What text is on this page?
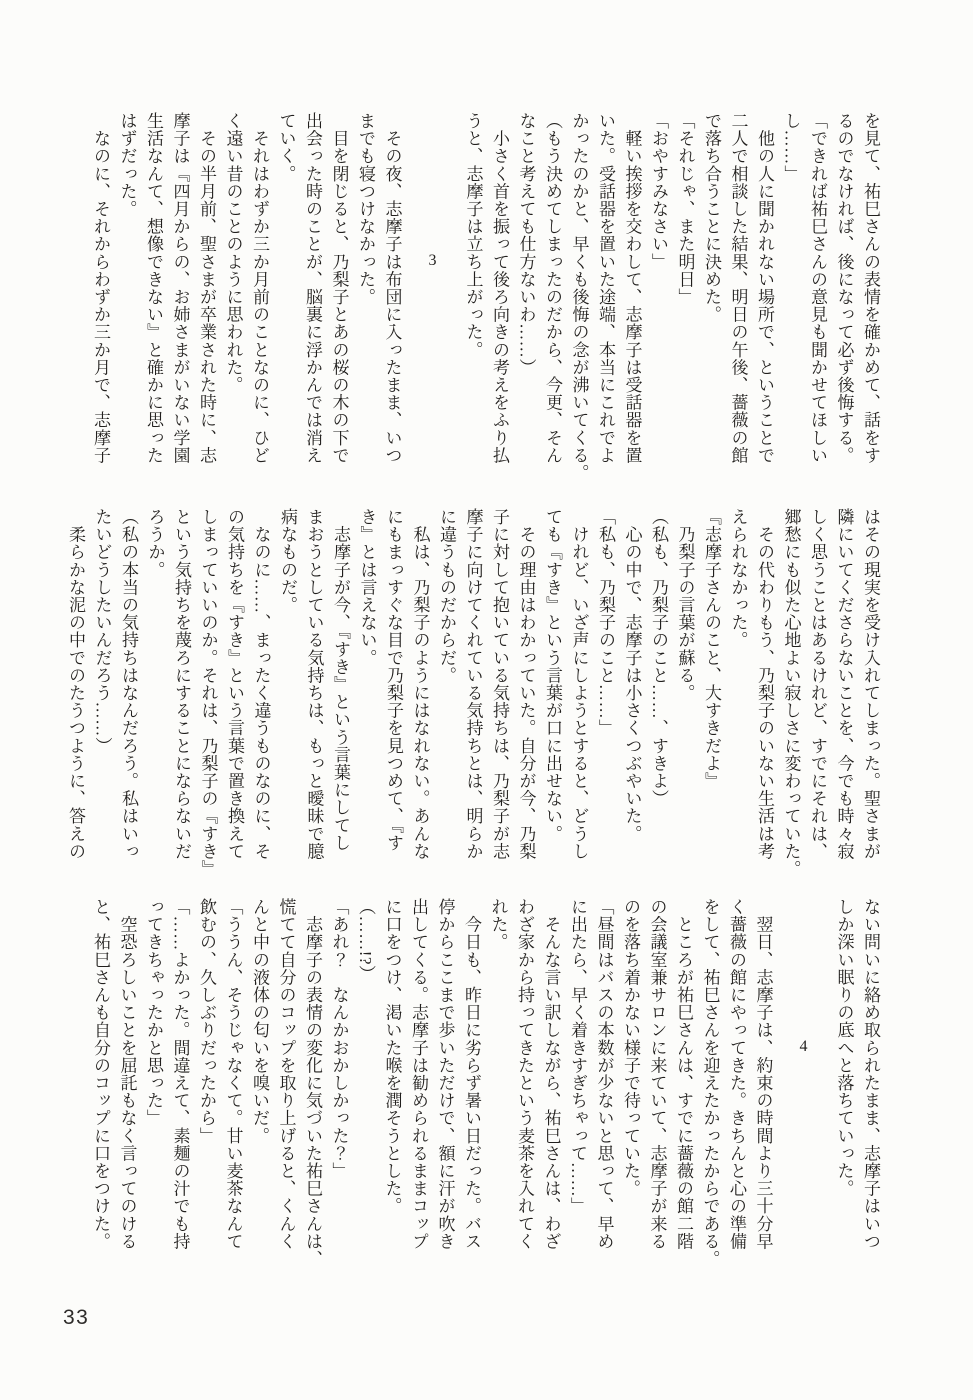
を見て、祐巳さんの表情を確かめて、話をす
るのでなければ、後になって必ず後悔する。
「できれば祐巳さんの意見も聞かせてほしい
し……」
　他の人に聞かれない場所で、ということで
二人で相談した結果、明日の午後、薔薇の館
で落ち合うことに決めた。
「それじゃ、また明日」
「おやすみなさい」
　軽い挨拶を交わして、志摩子は受話器を置
いた。受話器を置いた途端、本当にこれでよ
かったのかと、早くも後悔の念が沸いてくる。
（もう決めてしまったのだから、今更、そん
なこと考えても仕方ないわ……）
　小さく首を振って後ろ向きの考えをふり払
うと、志摩子は立ち上がった。
3
　その夜、志摩子は布団に入ったまま、いつ
までも寝つけなかった。
　目を閉じると、乃梨子とあの桜の木の下で
出会った時のことが、脳裏に浮かんでは消え
ていく。
　それはわずか三か月前のことなのに、ひど
く遠い昔のことのように思われた。
　その半月前、聖さまが卒業された時に、志
摩子は『四月からの、お姉さまがいない学園
生活なんて、想像できない』と確かに思った
はずだった。
　なのに、それからわずか三か月で、志摩子
はその現実を受け入れてしまった。聖さまが
隣にいてくださらないことを、今でも時々寂
しく思うことはあるけれど、すでにそれは、
郷愁にも似た心地よい寂しさに変わっていた。
　その代わりもう、乃梨子のいない生活は考
えられなかった。
『志摩子さんのこと、大すきだよ』
　乃梨子の言葉が蘇る。
（私も、乃梨子のこと……、すきよ）
　心の中で、志摩子は小さくつぶやいた。
「私も、乃梨子のこと……」
　けれど、いざ声にしようとすると、どうし
ても『すき』という言葉が口に出せない。
　その理由はわかっていた。自分が今、乃梨
子に対して抱いている気持ちは、乃梨子が志
摩子に向けてくれている気持ちとは、明らか
に違うものだからだ。
　私は、乃梨子のようにはなれない。あんな
にもまっすぐな目で乃梨子を見つめて、『す
き』とは言えない。
　志摩子が今、『すき』という言葉にしてし
まおうとしている気持ちは、もっと曖昧で臆
病なものだ。
　なのに……、まったく違うものなのに、そ
の気持ちを『すき』という言葉で置き換えて
しまっていいのか。それは、乃梨子の『すき』
という気持ちを蔑ろにすることにならないだ
ろうか。
（私の本当の気持ちはなんだろう。私はいっ
たいどうしたいんだろう……）
　柔らかな泥の中でのたうつように、答えの
ない問いに絡め取られたまま、志摩子はいつ
しか深い眠りの底へと落ちていった。
4
　翌日、志摩子は、約束の時間より三十分早
く薔薇の館にやってきた。きちんと心の準備
をして、祐巳さんを迎えたかったからである。
　ところが祐巳さんは、すでに薔薇の館二階
の会議室兼サロンに来ていて、志摩子が来る
のを落ち着かない様子で待っていた。
「昼間はバスの本数が少ないと思って、早め
に出たら、早く着きすぎちゃって……」
　そんな言い訳しながら、祐巳さんは、わざ
わざ家から持ってきたという麦茶を入れてく
れた。
　今日も、昨日に劣らず暑い日だった。バス
停からここまで歩いただけで、額に汗が吹き
出してくる。志摩子は勧められるままコップ
に口をつけ、渇いた喉を潤そうとした。
（……!?）
「あれ？　なんかおかしかった？」
　志摩子の表情の変化に気づいた祐巳さんは、
慌てて自分のコップを取り上げると、くんく
んと中の液体の匂いを嗅いだ。
「ううん、そうじゃなくて。甘い麦茶なんて
飲むの、久しぶりだったから」
「……よかった。間違えて、素麺の汁でも持
ってきちゃったかと思った」
　空恐ろしいことを屈託もなく言ってのける
と、祐巳さんも自分のコップに口をつけた。
33
